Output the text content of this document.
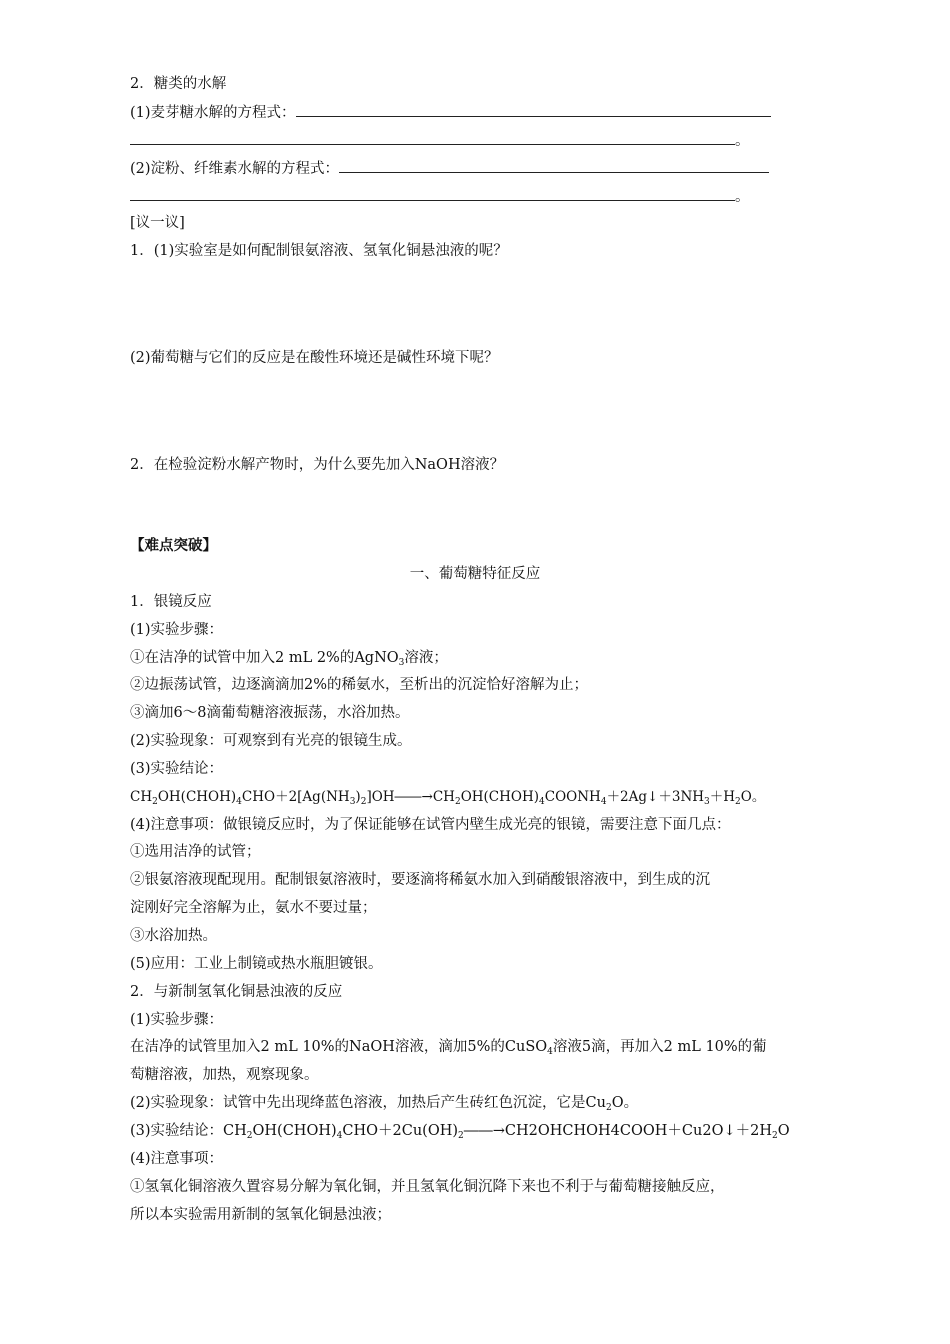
2．糖类的水解
(1)麦芽糖水解的方程式：
。
(2)淀粉、纤维素水解的方程式：
。
[议一议]
1．(1)实验室是如何配制银氨溶液、氢氧化铜悬浊液的呢？
(2)葡萄糖与它们的反应是在酸性环境还是碱性环境下呢？
2．在检验淀粉水解产物时，为什么要先加入NaOH溶液？
【难点突破】
一、葡萄糖特征反应
1．银镜反应
(1)实验步骤：
①在洁净的试管中加入2 mL 2%的AgNO$_3$溶液；
②边振荡试管，边逐滴滴加2%的稀氨水，至析出的沉淀恰好溶解为止；
③滴加6～8滴葡萄糖溶液振荡，水浴加热。
(2)实验现象：可观察到有光亮的银镜生成。
(3)实验结论：
$CH_2OH(CHOH)_4CHO+2[Ag(NH_3)_2]OH――\to CH_2OH(CHOH)_4COONH_4+2Ag↓+3NH_3+H_2O$。
(4)注意事项：做银镜反应时，为了保证能够在试管内壁生成光亮的银镜，需要注意下面几点：
①选用洁净的试管；
②银氨溶液现配现用。配制银氨溶液时，要逐滴将稀氨水加入到硝酸银溶液中，到生成的沉
淀刚好完全溶解为止，氨水不要过量；
③水浴加热。
(5)应用：工业上制镜或热水瓶胆镀银。
2．与新制氢氧化铜悬浊液的反应
(1)实验步骤：
在洁净的试管里加入2 mL 10%的NaOH溶液，滴加5%的CuSO$_4$溶液5滴，再加入2 mL 10%的葡
萄糖溶液，加热，观察现象。
(2)实验现象：试管中先出现绛蓝色溶液，加热后产生砖红色沉淀，它是$Cu_2O$。
(3)实验结论：$CH_2OH(CHOH)_4CHO+2Cu(OH)_2――\to CH2OHCHOH4COOH+Cu2O↓+2H_2O$
(4)注意事项：
①氢氧化铜溶液久置容易分解为氧化铜，并且氢氧化铜沉降下来也不利于与葡萄糖接触反应，
所以本实验需用新制的氢氧化铜悬浊液；
